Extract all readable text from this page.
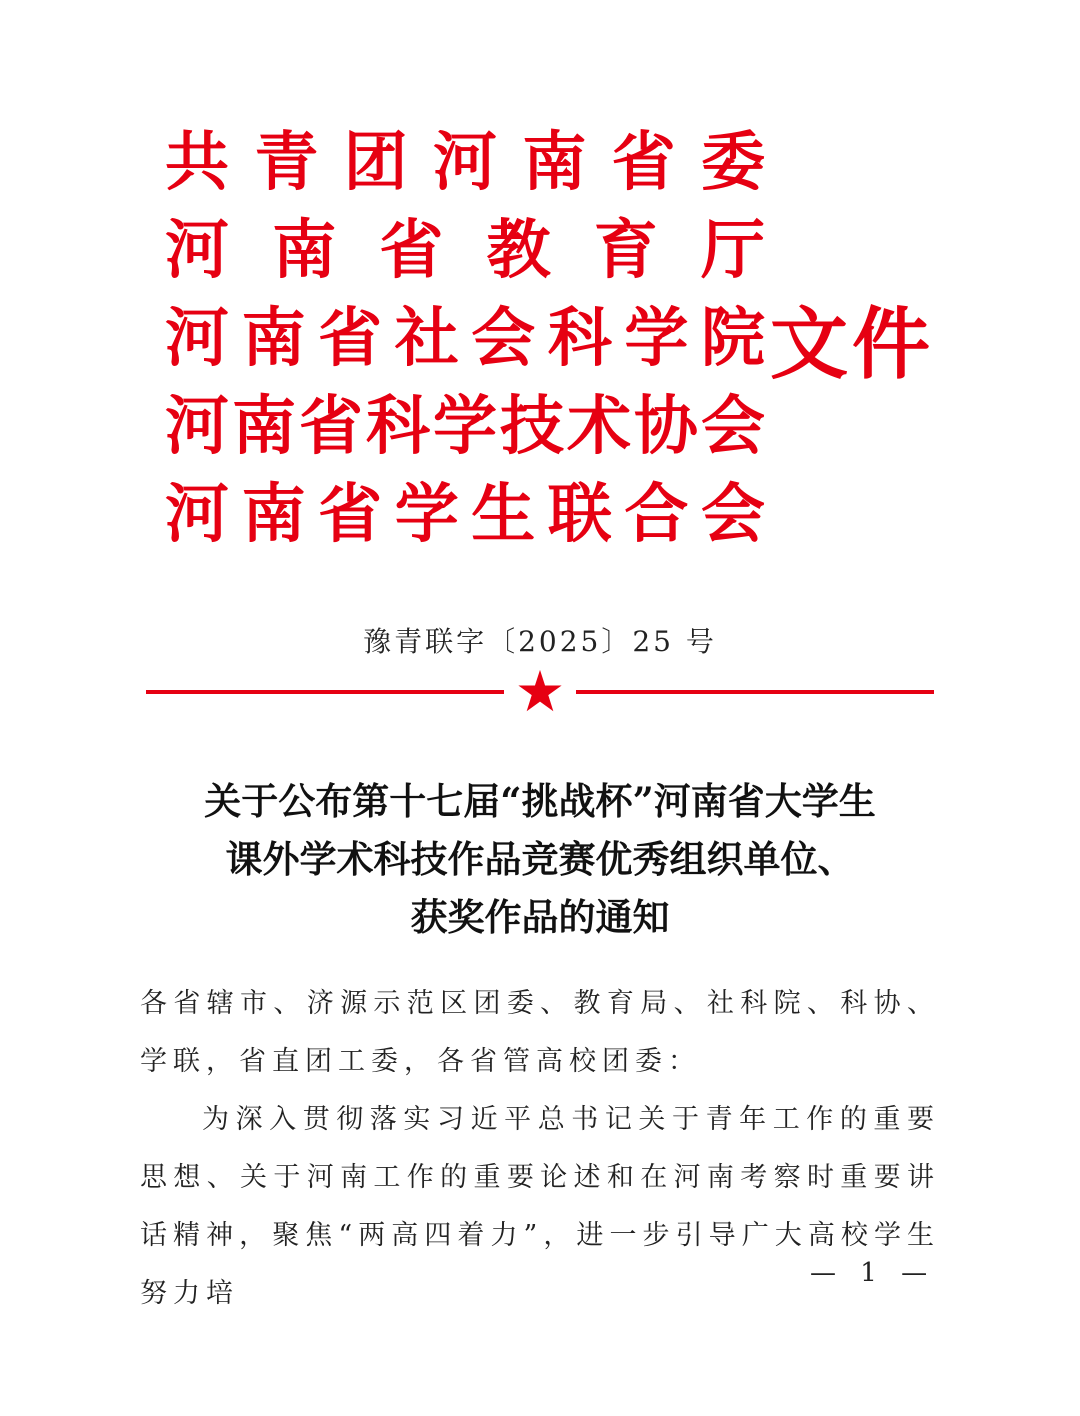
共 青 团 河 南 省 委
河 南 省 教 育 厅
河 南 省 社 会 科 学 院
河 南 省 科 学 技 术 协 会
河 南 省 学 生 联 合 会
文件
豫青联字〔2025〕25 号
关于公布第十七届“挑战杯”河南省大学生
课外学术科技作品竞赛优秀组织单位、
获奖作品的通知

各省辖市、济源示范区团委、教育局、社科院、科协、学联，省直团工委，各省管高校团委：

为深入贯彻落实习近平总书记关于青年工作的重要思想、关于河南工作的重要论述和在河南考察时重要讲话精神，聚焦“两高四着力”，进一步引导广大高校学生努力培

— 1 —
